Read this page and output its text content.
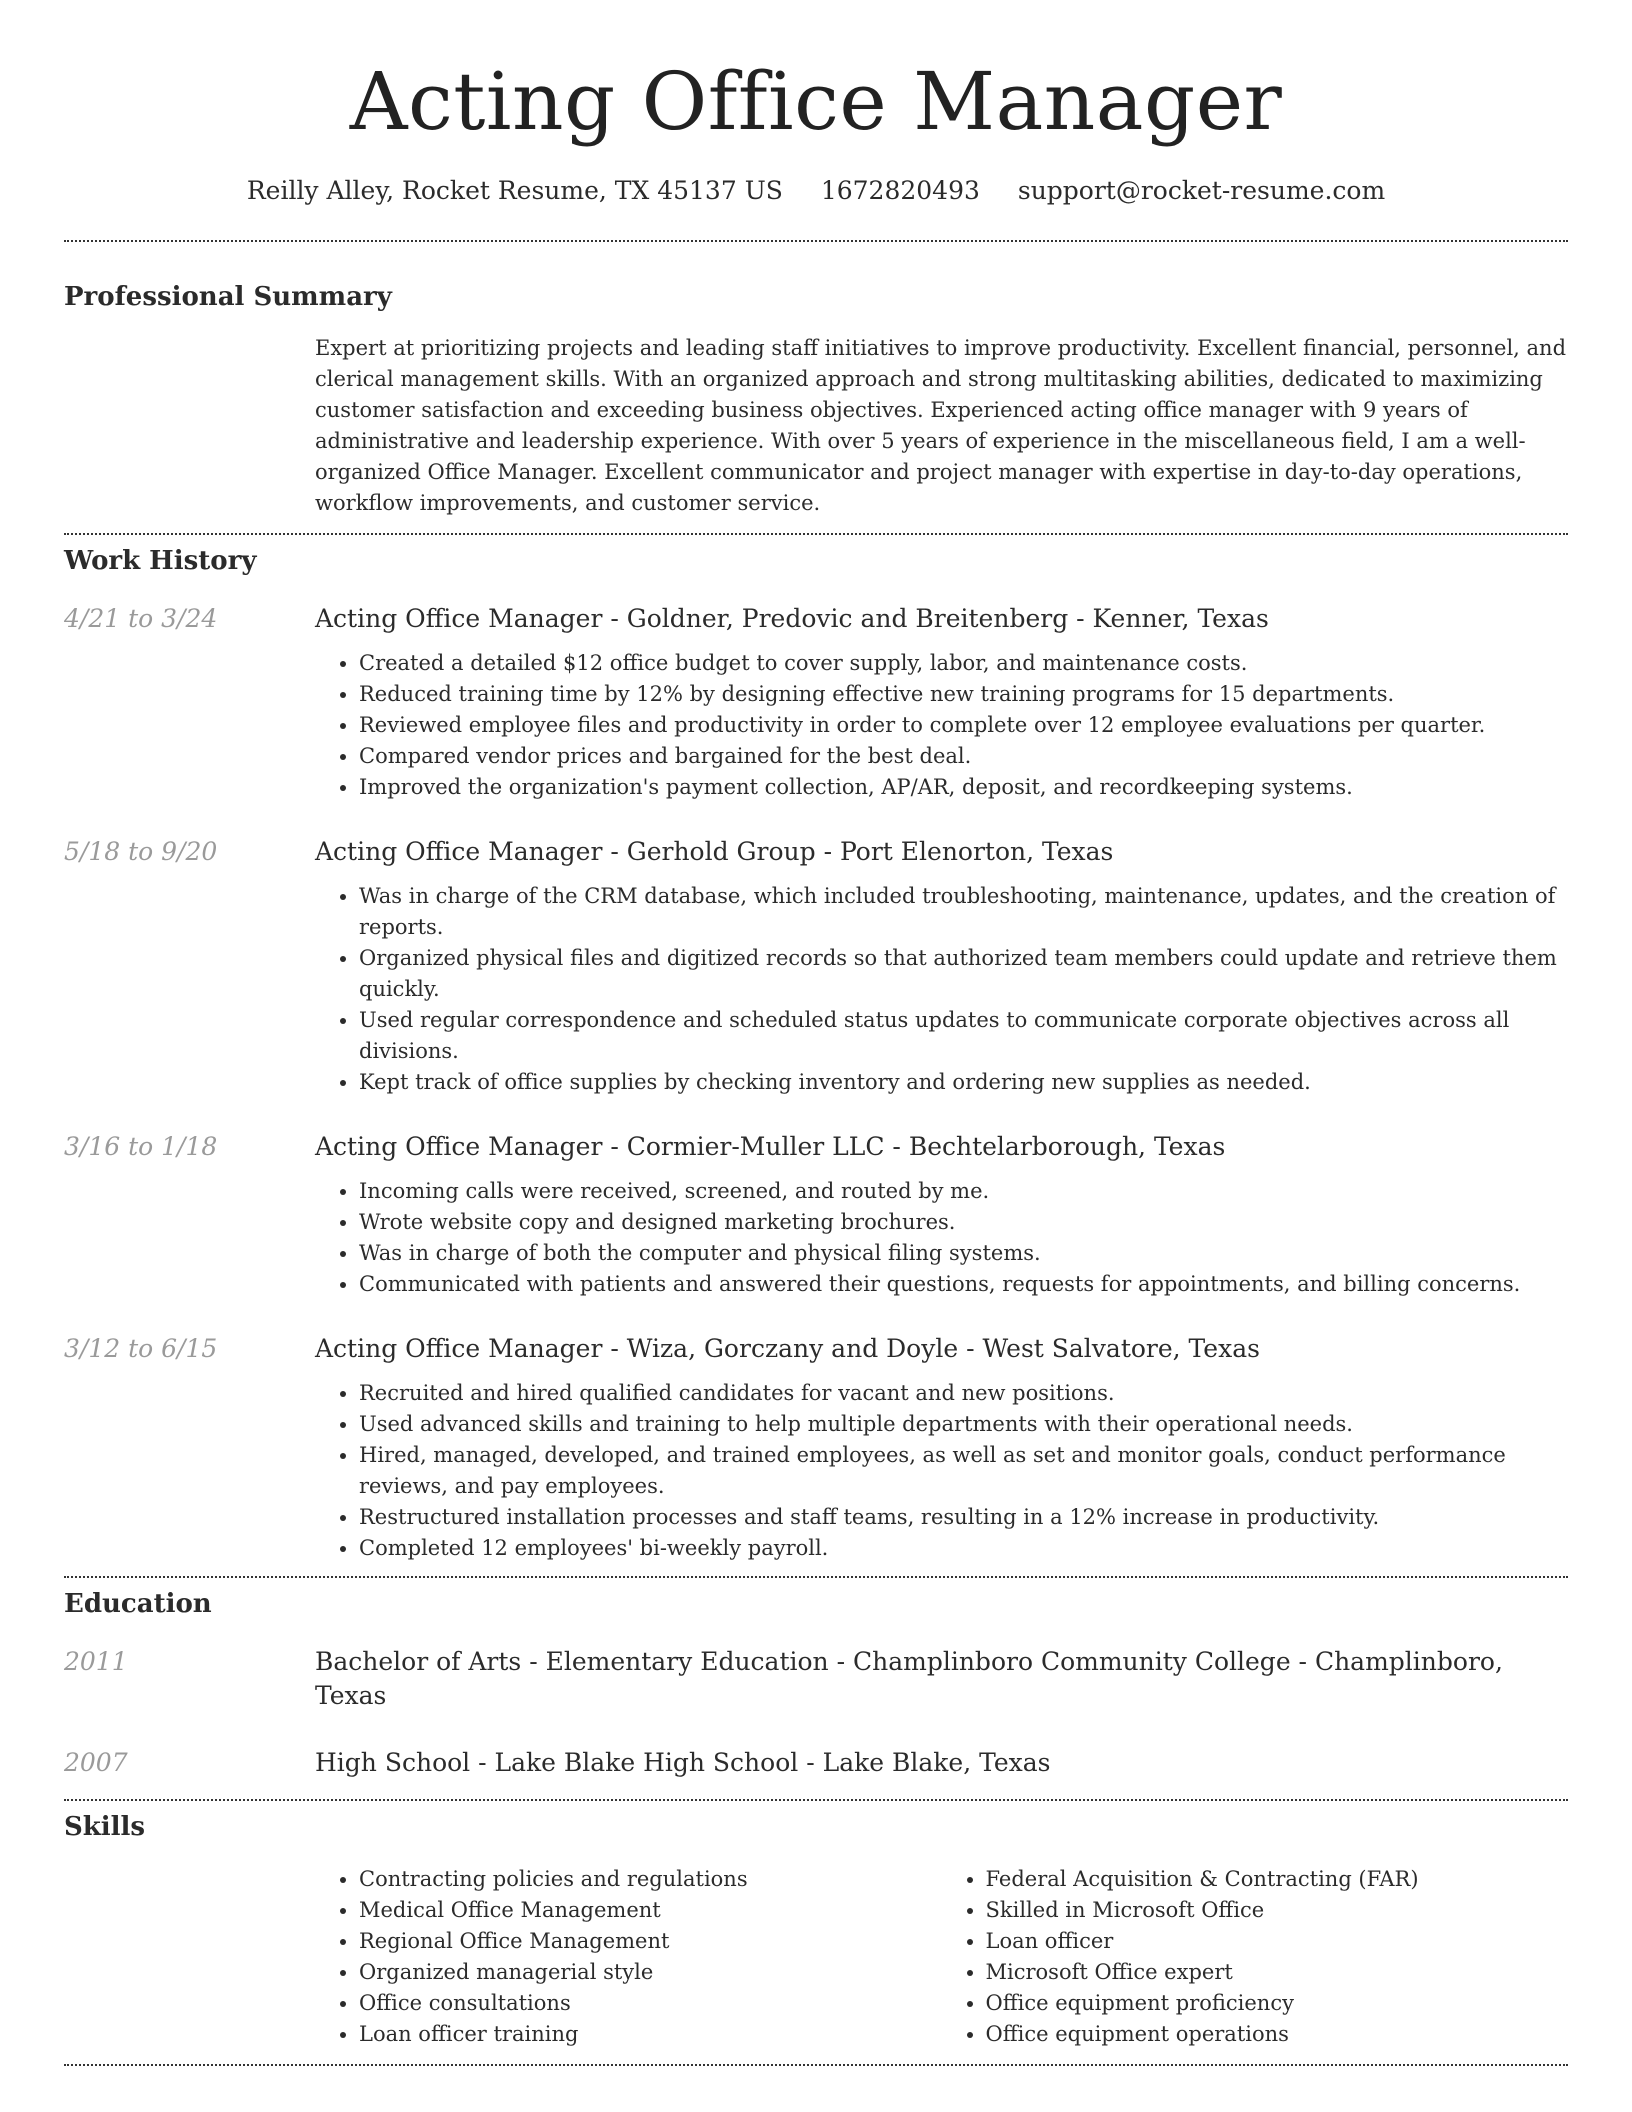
Acting Office Manager
Reilly Alley, Rocket Resume, TX 45137 US 1672820493 support@rocket-resume.com
Professional Summary

Expert at prioritizing projects and leading staff initiatives to improve productivity. Excellent financial, personnel, and clerical management skills. With an organized approach and strong multitasking abilities, dedicated to maximizing customer satisfaction and exceeding business objectives. Experienced acting office manager with 9 years of administrative and leadership experience. With over 5 years of experience in the miscellaneous field, I am a well-organized Office Manager. Excellent communicator and project manager with expertise in day-to-day operations, workflow improvements, and customer service.

Work History
4/21 to 3/24	Acting Office Manager - Goldner, Predovic and Breitenberg - Kenner, Texas
• Created a detailed $12 office budget to cover supply, labor, and maintenance costs.
• Reduced training time by 12% by designing effective new training programs for 15 departments.
• Reviewed employee files and productivity in order to complete over 12 employee evaluations per quarter.
• Compared vendor prices and bargained for the best deal.
• Improved the organization's payment collection, AP/AR, deposit, and recordkeeping systems.
5/18 to 9/20	Acting Office Manager - Gerhold Group - Port Elenorton, Texas
• Was in charge of the CRM database, which included troubleshooting, maintenance, updates, and the creation of reports.
• Organized physical files and digitized records so that authorized team members could update and retrieve them quickly.
• Used regular correspondence and scheduled status updates to communicate corporate objectives across all divisions.
• Kept track of office supplies by checking inventory and ordering new supplies as needed.
3/16 to 1/18	Acting Office Manager - Cormier-Muller LLC - Bechtelarborough, Texas
• Incoming calls were received, screened, and routed by me.
• Wrote website copy and designed marketing brochures.
• Was in charge of both the computer and physical filing systems.
• Communicated with patients and answered their questions, requests for appointments, and billing concerns.
3/12 to 6/15	Acting Office Manager - Wiza, Gorczany and Doyle - West Salvatore, Texas
• Recruited and hired qualified candidates for vacant and new positions.
• Used advanced skills and training to help multiple departments with their operational needs.
• Hired, managed, developed, and trained employees, as well as set and monitor goals, conduct performance reviews, and pay employees.
• Restructured installation processes and staff teams, resulting in a 12% increase in productivity.
• Completed 12 employees' bi-weekly payroll.
Education
2011	Bachelor of Arts - Elementary Education - Champlinboro Community College - Champlinboro, Texas
2007	High School - Lake Blake High School - Lake Blake, Texas
Skills
• Contracting policies and regulations
• Medical Office Management
• Regional Office Management
• Organized managerial style
• Office consultations
• Loan officer training
• Federal Acquisition & Contracting (FAR)
• Skilled in Microsoft Office
• Loan officer
• Microsoft Office expert
• Office equipment proficiency
• Office equipment operations
